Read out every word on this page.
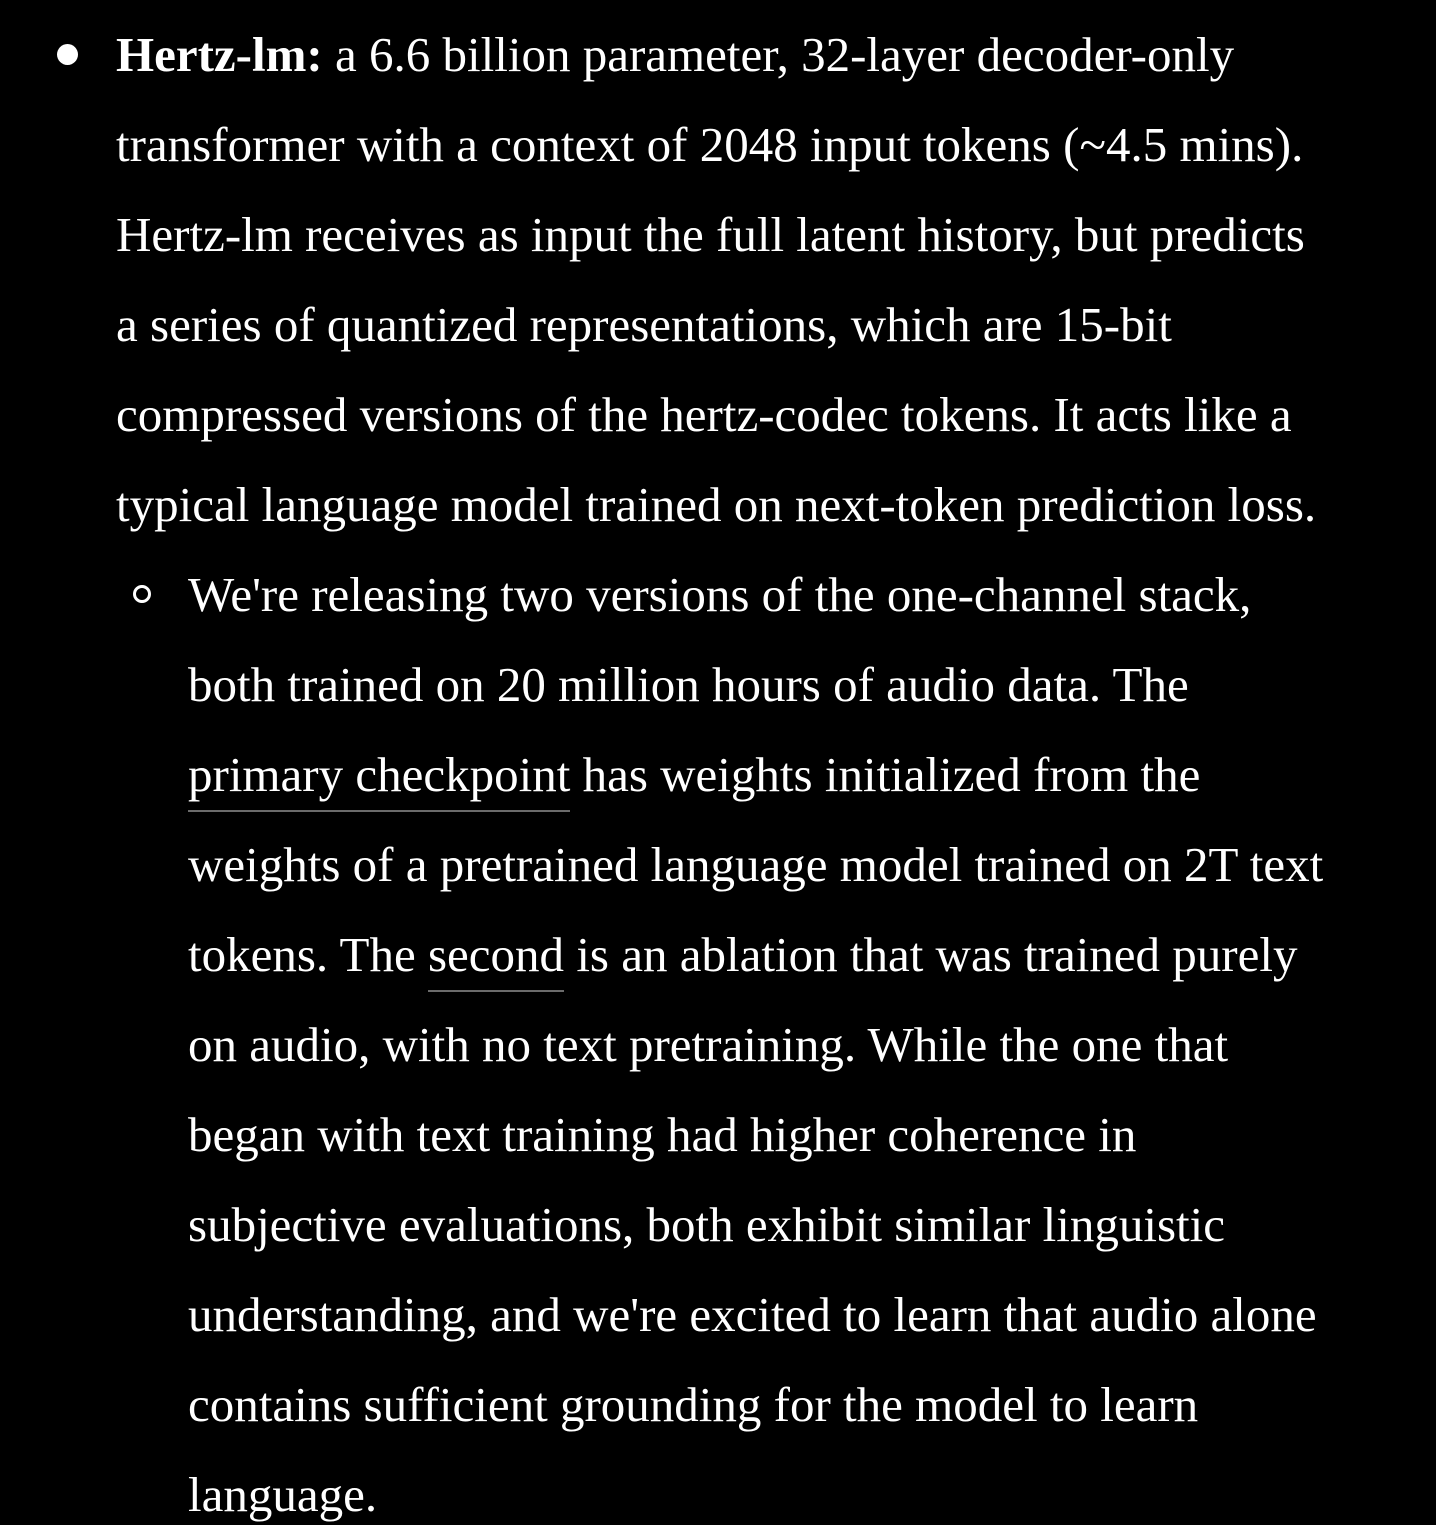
Hertz-lm: a 6.6 billion parameter, 32-layer decoder-only
transformer with a context of 2048 input tokens (~4.5 mins).
Hertz-lm receives as input the full latent history, but predicts
a series of quantized representations, which are 15-bit
compressed versions of the hertz-codec tokens. It acts like a
typical language model trained on next-token prediction loss.
We're releasing two versions of the one-channel stack,
both trained on 20 million hours of audio data. The
primary checkpoint has weights initialized from the
weights of a pretrained language model trained on 2T text
tokens. The second is an ablation that was trained purely
on audio, with no text pretraining. While the one that
began with text training had higher coherence in
subjective evaluations, both exhibit similar linguistic
understanding, and we're excited to learn that audio alone
contains sufficient grounding for the model to learn
language.
